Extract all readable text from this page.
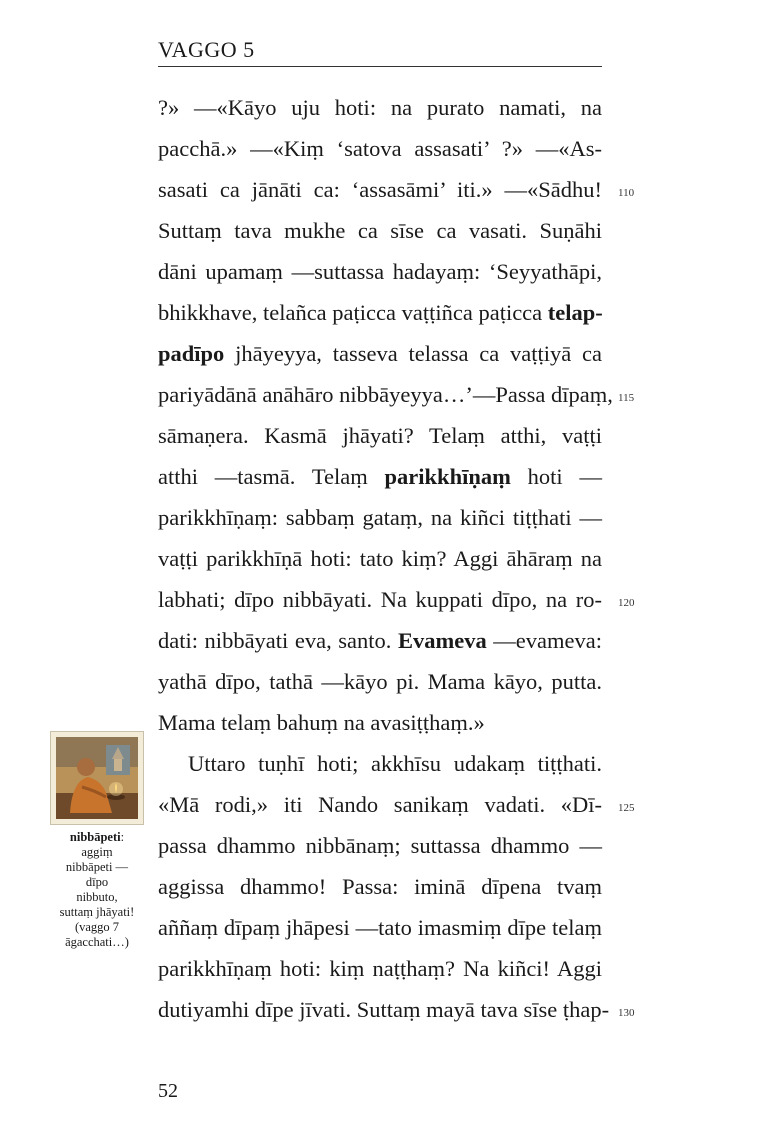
VAGGO 5
?» —«Kāyo uju hoti: na purato namati, na
pacchā.» —«Kiṃ ‘satova assasati’ ?» —«As-
sasati ca jānāti ca: ‘assasāmi’ iti.» —«Sādhu!
Suttaṃ tava mukhe ca sīse ca vasati. Suṇāhi
dāni upamaṃ —suttassa hadayaṃ: ‘Seyyathāpi,
bhikkhave, telañca paṭicca vaṭṭiñca paṭicca telap-
padīpo jhāyeyya, tasseva telassa ca vaṭṭiyā ca
pariyādānā anāhāro nibbāyeyya…’—Passa dīpaṃ,
sāmaṇera. Kasmā jhāyati? Telaṃ atthi, vaṭṭi
atthi —tasmā. Telaṃ parikkhīṇaṃ hoti —
parikkhīṇaṃ: sabbaṃ gataṃ, na kiñci tiṭṭhati —
vaṭṭi parikkhīṇā hoti: tato kiṃ? Aggi āhāraṃ na
labhati; dīpo nibbāyati. Na kuppati dīpo, na ro-
dati: nibbāyati eva, santo. Evameva —evameva:
yathā dīpo, tathā —kāyo pi. Mama kāyo, putta.
Mama telaṃ bahuṃ na avasiṭṭhaṃ.»
Uttaro tuṇhī hoti; akkhīsu udakaṃ tiṭṭhati.
«Mā rodi,» iti Nando sanikaṃ vadati. «Dī-
passa dhammo nibbānaṃ; suttassa dhammo —
aggissa dhammo! Passa: iminā dīpena tvaṃ
aññaṃ dīpaṃ jhāpesi —tato imasmiṃ dīpe telaṃ
parikkhīṇaṃ hoti: kiṃ naṭṭhaṃ? Na kiñci! Aggi
dutiyamhi dīpe jīvati. Suttaṃ mayā tava sīse ṭhap-
110
115
120
125
130
nibbāpeti:
aggiṃ
nibbāpeti —
dīpo
nibbuto,
suttaṃ jhāyati!
(vaggo 7
āgacchati…)
52
